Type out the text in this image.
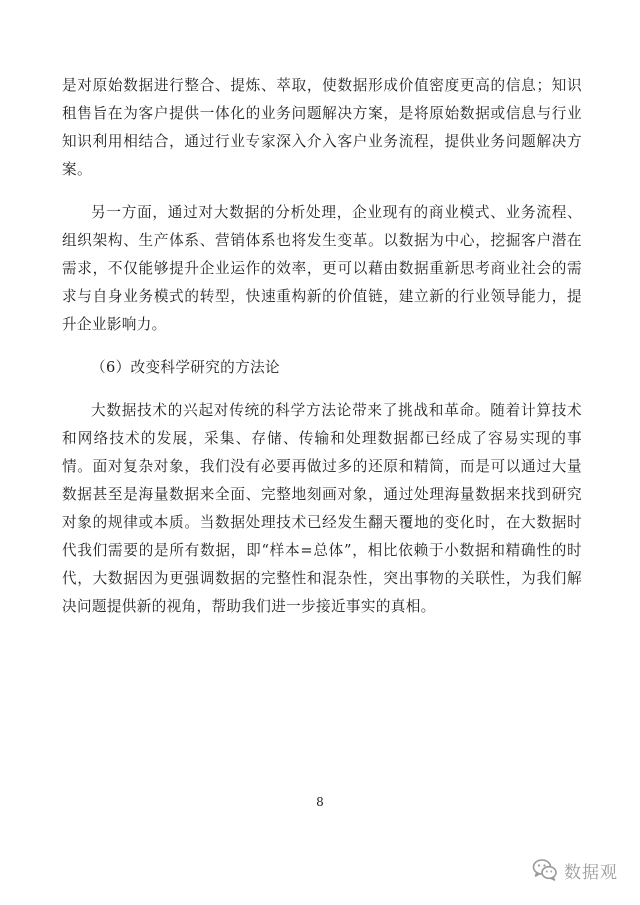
是对原始数据进行整合、提炼、萃取，使数据形成价值密度更高的信息；知识租售旨在为客户提供一体化的业务问题解决方案，是将原始数据或信息与行业知识利用相结合，通过行业专家深入介入客户业务流程，提供业务问题解决方案。

另一方面，通过对大数据的分析处理，企业现有的商业模式、业务流程、组织架构、生产体系、营销体系也将发生变革。以数据为中心，挖掘客户潜在需求，不仅能够提升企业运作的效率，更可以藉由数据重新思考商业社会的需求与自身业务模式的转型，快速重构新的价值链，建立新的行业领导能力，提升企业影响力。

（6）改变科学研究的方法论

大数据技术的兴起对传统的科学方法论带来了挑战和革命。随着计算技术和网络技术的发展，采集、存储、传输和处理数据都已经成了容易实现的事情。面对复杂对象，我们没有必要再做过多的还原和精简，而是可以通过大量数据甚至是海量数据来全面、完整地刻画对象，通过处理海量数据来找到研究对象的规律或本质。当数据处理技术已经发生翻天覆地的变化时，在大数据时代我们需要的是所有数据，即“样本=总体”，相比依赖于小数据和精确性的时代，大数据因为更强调数据的完整性和混杂性，突出事物的关联性，为我们解决问题提供新的视角，帮助我们进一步接近事实的真相。

8
数据观
